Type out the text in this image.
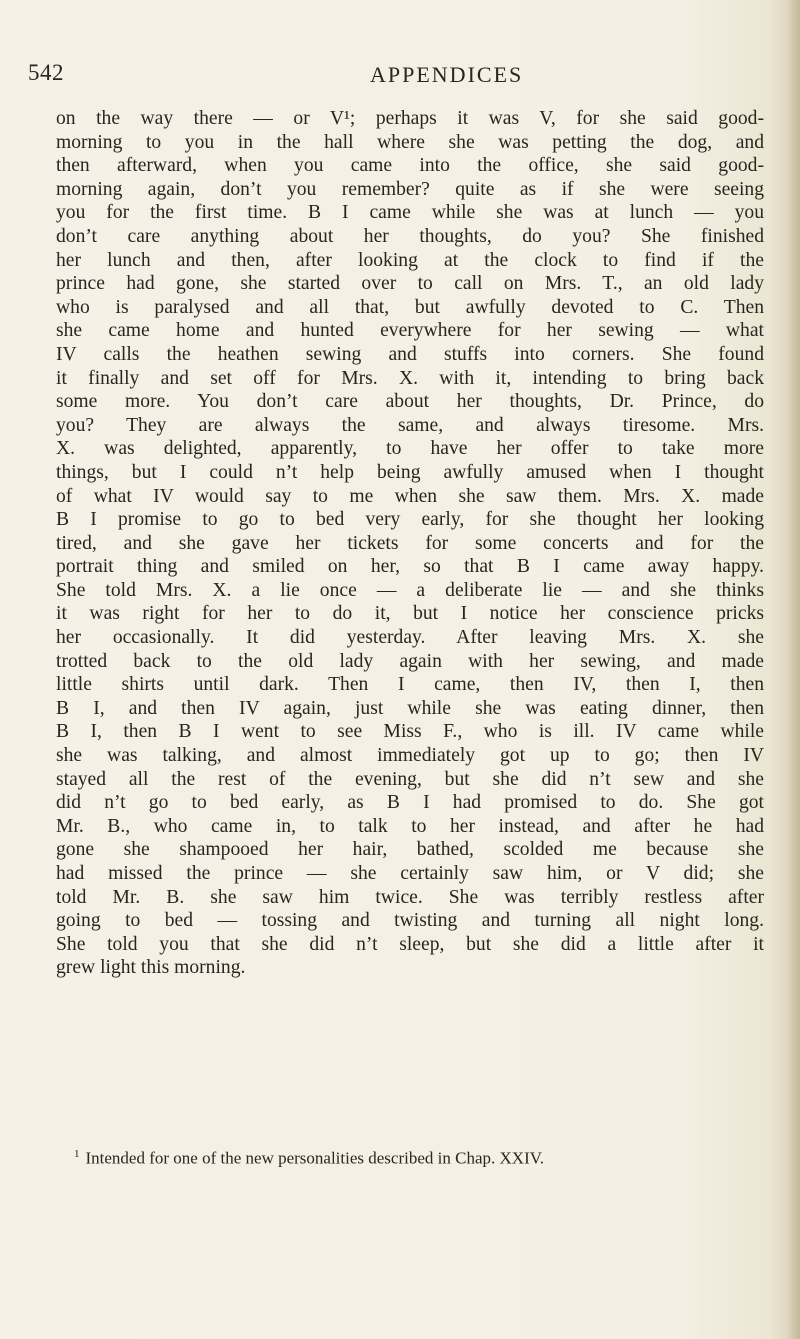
542	APPENDICES
on the way there — or V¹; perhaps it was V, for she said good-
morning to you in the hall where she was petting the dog, and
then afterward, when you came into the office, she said good-
morning again, don’t you remember? quite as if she were seeing
you for the first time. B I came while she was at lunch — you
don’t care anything about her thoughts, do you? She finished
her lunch and then, after looking at the clock to find if the
prince had gone, she started over to call on Mrs. T., an old lady
who is paralysed and all that, but awfully devoted to C. Then
she came home and hunted everywhere for her sewing — what
IV calls the heathen sewing and stuffs into corners. She found
it finally and set off for Mrs. X. with it, intending to bring back
some more. You don’t care about her thoughts, Dr. Prince, do
you? They are always the same, and always tiresome. Mrs.
X. was delighted, apparently, to have her offer to take more
things, but I could n’t help being awfully amused when I thought
of what IV would say to me when she saw them. Mrs. X. made
B I promise to go to bed very early, for she thought her looking
tired, and she gave her tickets for some concerts and for the
portrait thing and smiled on her, so that B I came away happy.
She told Mrs. X. a lie once — a deliberate lie — and she thinks
it was right for her to do it, but I notice her conscience pricks
her occasionally. It did yesterday. After leaving Mrs. X. she
trotted back to the old lady again with her sewing, and made
little shirts until dark. Then I came, then IV, then I, then
B I, and then IV again, just while she was eating dinner, then
B I, then B I went to see Miss F., who is ill. IV came while
she was talking, and almost immediately got up to go; then IV
stayed all the rest of the evening, but she did n’t sew and she
did n’t go to bed early, as B I had promised to do. She got
Mr. B., who came in, to talk to her instead, and after he had
gone she shampooed her hair, bathed, scolded me because she
had missed the prince — she certainly saw him, or V did; she
told Mr. B. she saw him twice. She was terribly restless after
going to bed — tossing and twisting and turning all night long.
She told you that she did n’t sleep, but she did a little after it
grew light this morning.
$^1$ Intended for one of the new personalities described in Chap. XXIV.
